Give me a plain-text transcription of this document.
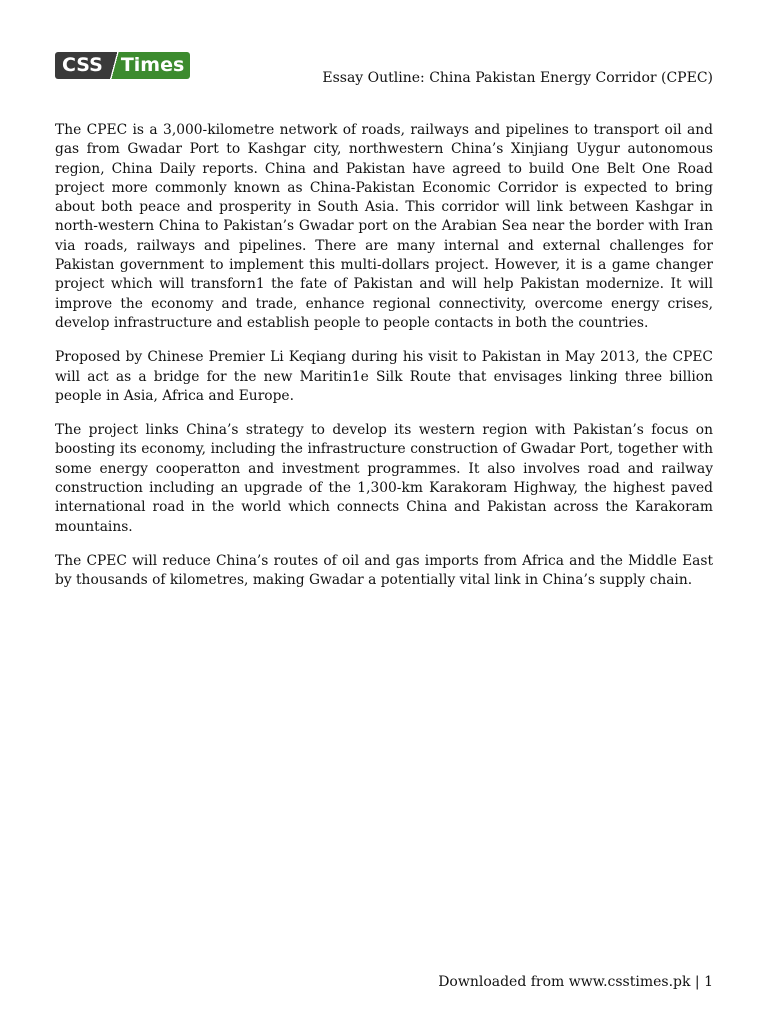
CSS Times
Essay Outline: China Pakistan Energy Corridor (CPEC)

The CPEC is a 3,000-kilometre network of roads, railways and pipelines to transport oil and gas from Gwadar Port to Kashgar city, northwestern China’s Xinjiang Uygur autonomous region, China Daily reports. China and Pakistan have agreed to build One Belt One Road project more commonly known as China-Pakistan Economic Corridor is expected to bring about both peace and prosperity in South Asia. This corridor will link between Kashgar in north-western China to Pakistan’s Gwadar port on the Arabian Sea near the border with Iran via roads, railways and pipelines. There are many internal and external challenges for Pakistan government to implement this multi-dollars project. However, it is a game changer project which will transforn1 the fate of Pakistan and will help Pakistan modernize. It will improve the economy and trade, enhance regional connectivity, overcome energy crises, develop infrastructure and establish people to people contacts in both the countries.

Proposed by Chinese Premier Li Keqiang during his visit to Pakistan in May 2013, the CPEC will act as a bridge for the new Maritin1e Silk Route that envisages linking three billion people in Asia, Africa and Europe.

The project links China’s strategy to develop its western region with Pakistan’s focus on boosting its economy, including the infrastructure construction of Gwadar Port, together with some energy cooperatton and investment programmes. It also involves road and railway construction including an upgrade of the 1,300-km Karakoram Highway, the highest paved international road in the world which connects China and Pakistan across the Karakoram mountains.

The CPEC will reduce China’s routes of oil and gas imports from Africa and the Middle East by thousands of kilometres, making Gwadar a potentially vital link in China’s supply chain.

Downloaded from www.csstimes.pk | 1
